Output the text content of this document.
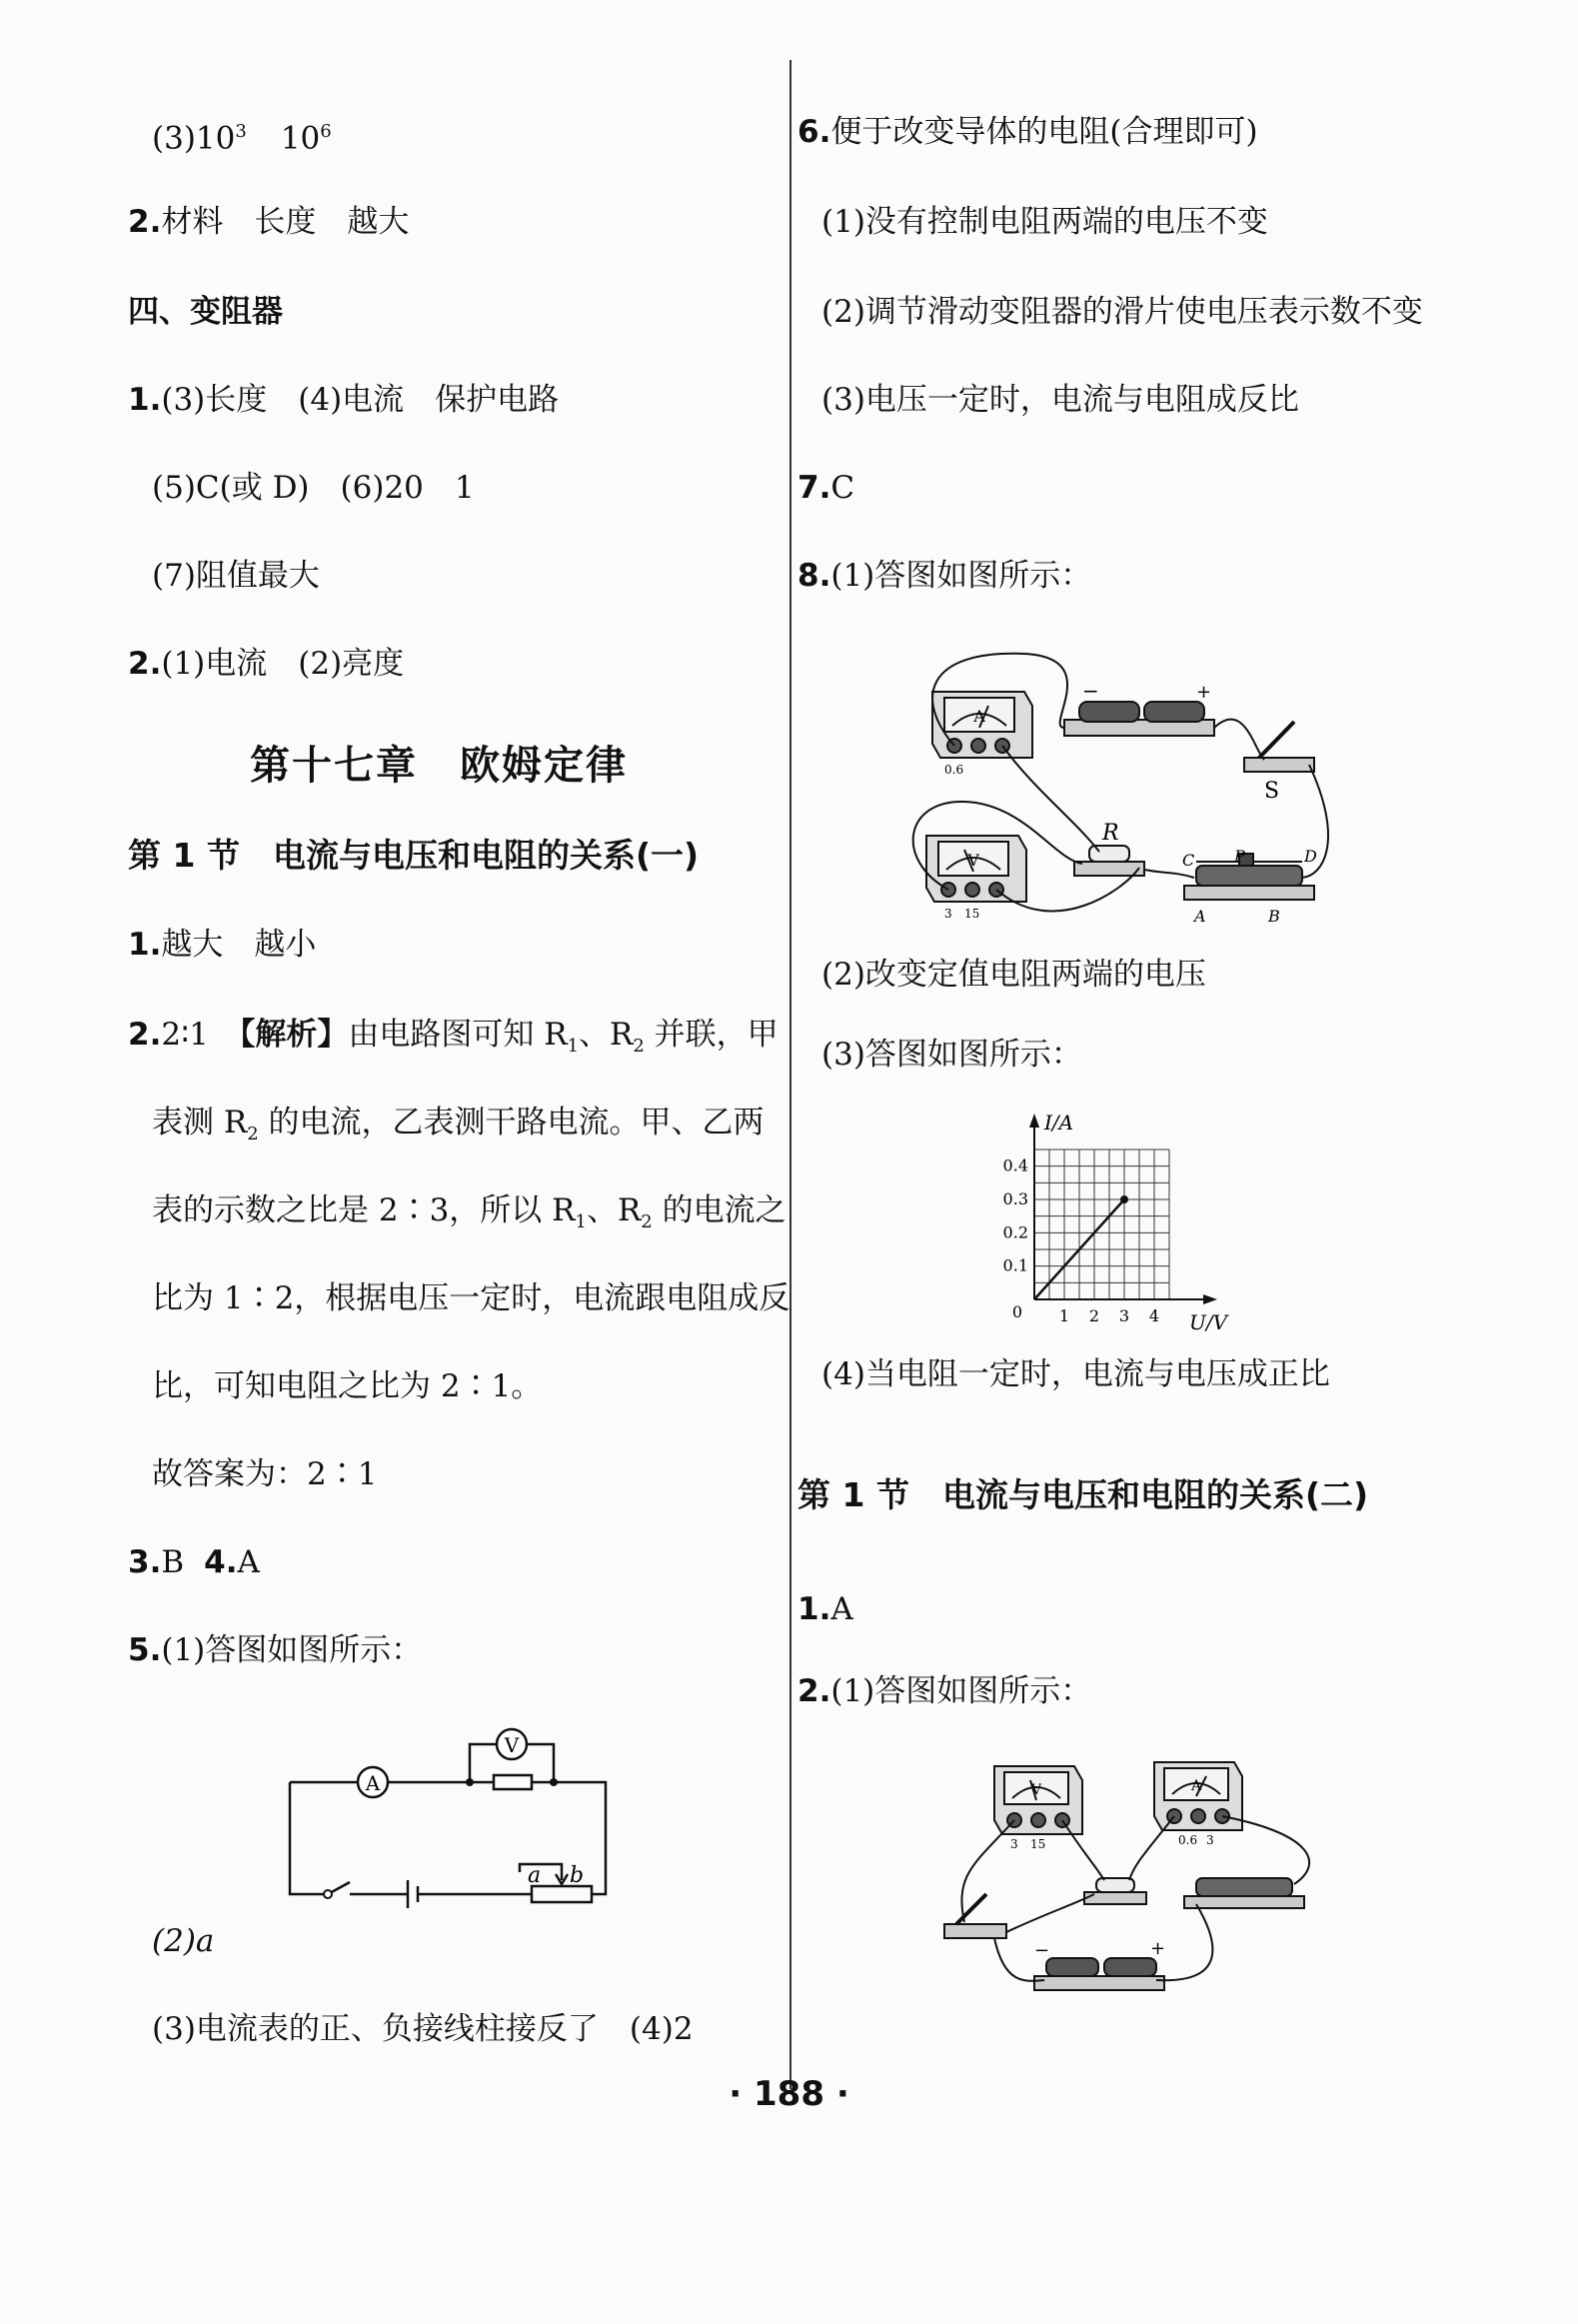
$(3)10^3$ $10^6$
2.材料　长度　越大
四、变阻器
1.(3)长度　(4)电流　保护电路
(5)C(或 D)　(6)20　1
(7)阻值最大
2.(1)电流　(2)亮度
第十七章　欧姆定律
第 1 节　电流与电压和电阻的关系(一)
1.越大　越小
2.2∶1　【解析】由电路图可知 $R_1$、$R_2$ 并联，甲
表测 $R_2$ 的电流，乙表测干路电流。甲、乙两
表的示数之比是 2∶3，所以 $R_1$、$R_2$ 的电流之
比为 1∶2，根据电压一定时，电流跟电阻成反
比，可知电阻之比为 2∶1。
故答案为：2∶1
3.B 4.A
5.(1)答图如图所示：
A
V
a b
(2)a
(3)电流表的正、负接线柱接反了　(4)2
6.便于改变导体的电阻(合理即可)
(1)没有控制电阻两端的电压不变
(2)调节滑动变阻器的滑片使电压表示数不变
(3)电压一定时，电流与电阻成反比
7.C
8.(1)答图如图所示：
A
0.6
V
3 15
−	+
S
R
C P	D
A	B
(2)改变定值电阻两端的电压
(3)答图如图所示：
1 2 3 4
0.1
0.2
0.3
0.4
0	U/V
I/A
(4)当电阻一定时，电流与电压成正比
第 1 节　电流与电压和电阻的关系(二)
1.A
2.(1)答图如图所示：
V
3 15
A
0.6 3
−	+
· 188 ·
